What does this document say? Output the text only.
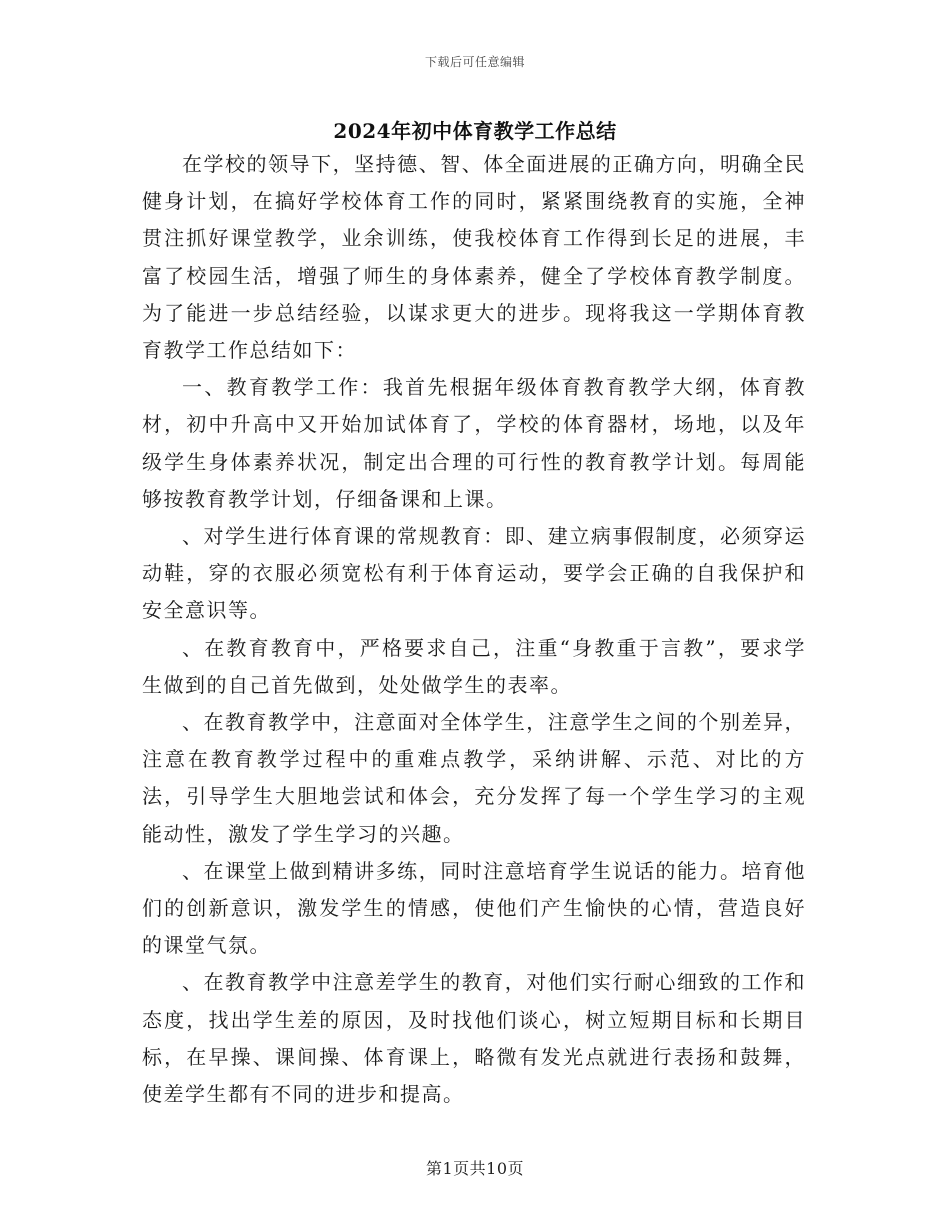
下载后可任意编辑
2024年初中体育教学工作总结

在学校的领导下，坚持德、智、体全面进展的正确方向，明确全民健身计划，在搞好学校体育工作的同时，紧紧围绕教育的实施，全神贯注抓好课堂教学，业余训练，使我校体育工作得到长足的进展，丰富了校园生活，增强了师生的身体素养，健全了学校体育教学制度。为了能进一步总结经验，以谋求更大的进步。现将我这一学期体育教育教学工作总结如下：

一、教育教学工作：我首先根据年级体育教育教学大纲，体育教材，初中升高中又开始加试体育了，学校的体育器材，场地，以及年级学生身体素养状况，制定出合理的可行性的教育教学计划。每周能够按教育教学计划，仔细备课和上课。

、对学生进行体育课的常规教育：即、建立病事假制度，必须穿运动鞋，穿的衣服必须宽松有利于体育运动，要学会正确的自我保护和安全意识等。

、在教育教育中，严格要求自己，注重“身教重于言教”，要求学生做到的自己首先做到，处处做学生的表率。

、在教育教学中，注意面对全体学生，注意学生之间的个别差异，注意在教育教学过程中的重难点教学，采纳讲解、示范、对比的方法，引导学生大胆地尝试和体会，充分发挥了每一个学生学习的主观能动性，激发了学生学习的兴趣。

、在课堂上做到精讲多练，同时注意培育学生说话的能力。培育他们的创新意识，激发学生的情感，使他们产生愉快的心情，营造良好的课堂气氛。

、在教育教学中注意差学生的教育，对他们实行耐心细致的工作和态度，找出学生差的原因，及时找他们谈心，树立短期目标和长期目标，在早操、课间操、体育课上，略微有发光点就进行表扬和鼓舞，使差学生都有不同的进步和提高。

第1页共10页
